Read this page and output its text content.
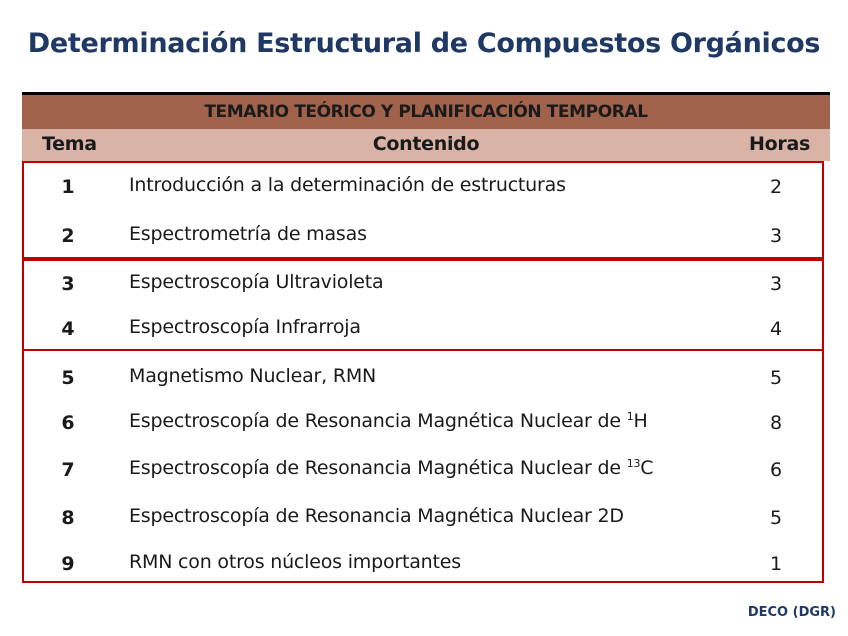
Determinación Estructural de Compuestos Orgánicos
TEMARIO TEÓRICO Y PLANIFICACIÓN TEMPORAL
Tema	Contenido	Horas
1	Introducción a la determinación de estructuras	2
2	Espectrometría de masas	3
3	Espectroscopía Ultravioleta	3
4	Espectroscopía Infrarroja	4
5	Magnetismo Nuclear, RMN	5
6	Espectroscopía de Resonancia Magnética Nuclear de $^1$H	8
7	Espectroscopía de Resonancia Magnética Nuclear de $^{13}$C	6
8	Espectroscopía de Resonancia Magnética Nuclear 2D	5
9	RMN con otros núcleos importantes	1
DECO (DGR)
